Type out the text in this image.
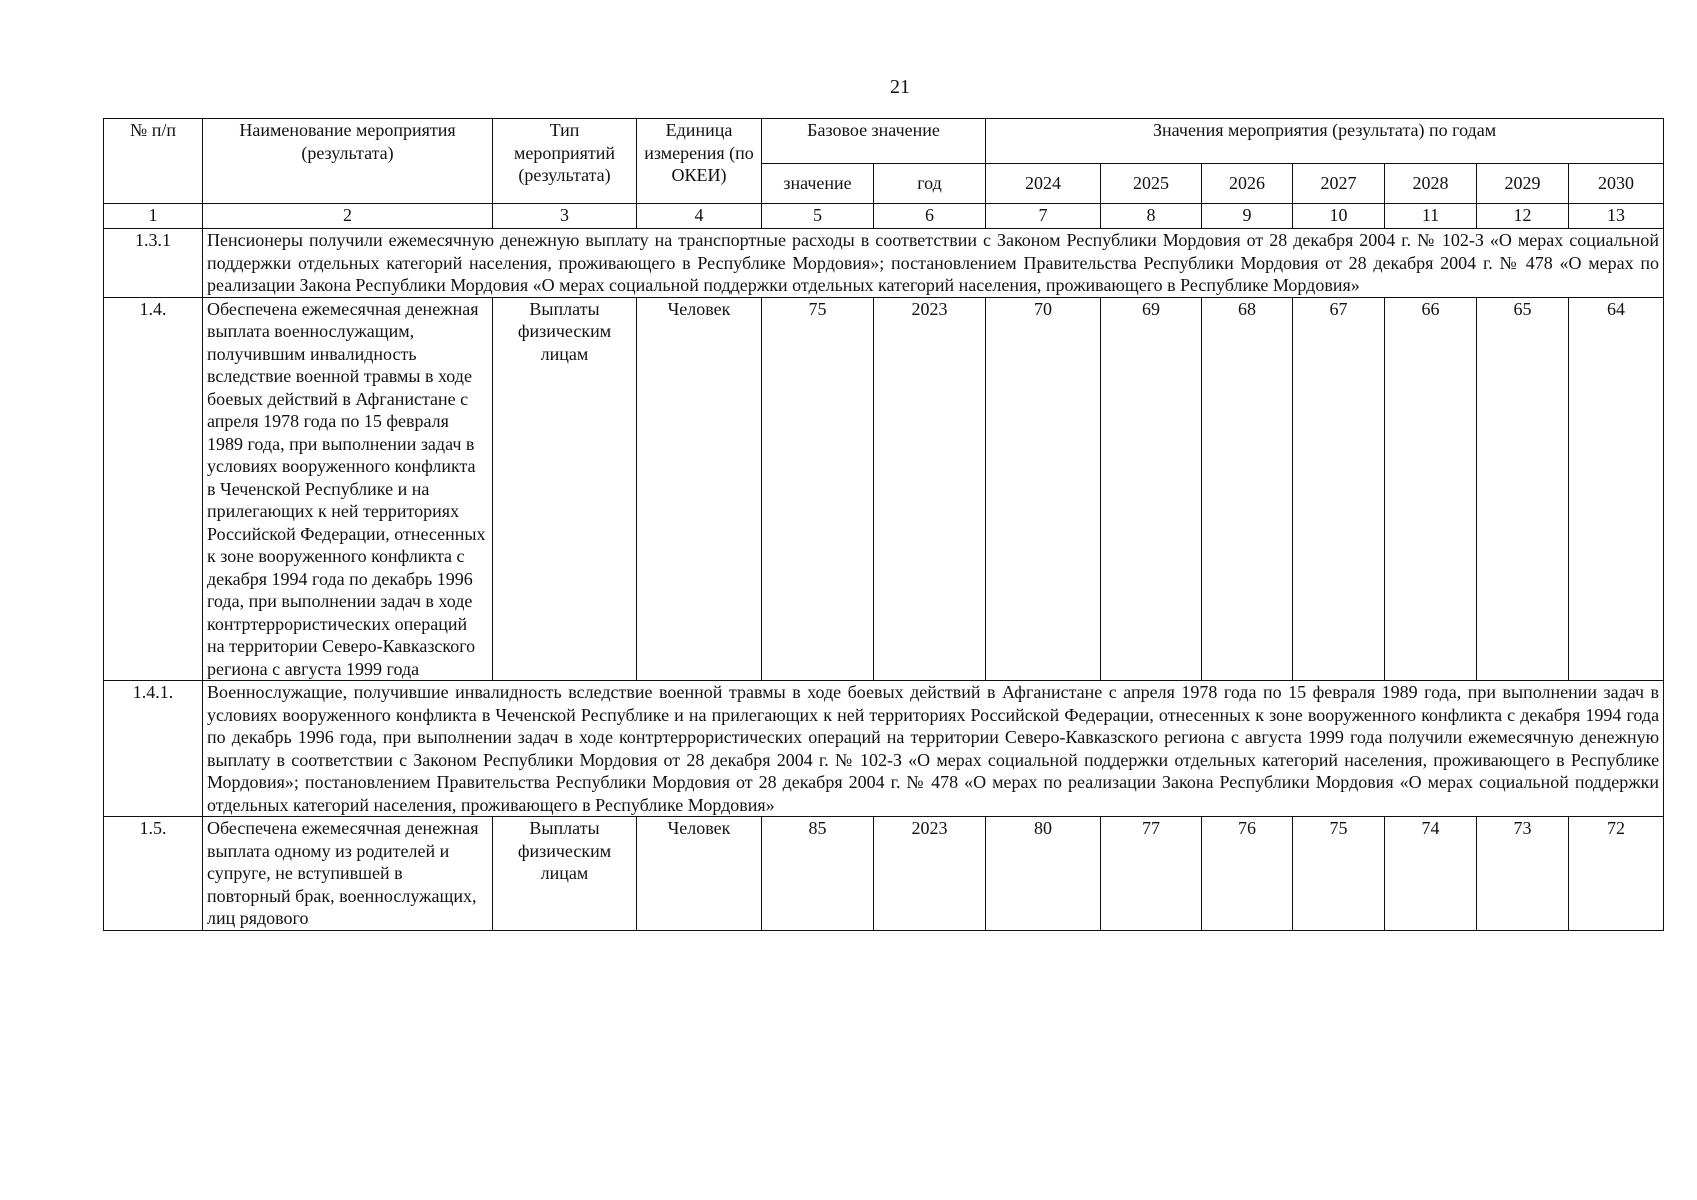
21
№ п/п	Наименование мероприятия (результата)	Тип мероприятий (результата)	Единица измерения (по ОКЕИ)	Базовое значение		Значения мероприятия (результата) по годам						
				значение	год	2024	2025	2026	2027	2028	2029	2030
1	2	3	4	5	6	7	8	9	10	11	12	13
1.3.1	Пенсионеры получили ежемесячную денежную выплату на транспортные расходы в соответствии с Законом Республики Мордовия от 28 декабря 2004 г. № 102-З «О мерах социальной поддержки отдельных категорий населения, проживающего в Республике Мордовия»; постановлением Правительства Республики Мордовия от 28 декабря 2004 г. № 478 «О мерах по реализации Закона Республики Мордовия «О мерах социальной поддержки отдельных категорий населения, проживающего в Республике Мордовия»											
1.4.	Обеспечена ежемесячная денежная выплата военнослужащим, получившим инвалидность вследствие военной травмы в ходе боевых действий в Афганистане с апреля 1978 года по 15 февраля 1989 года, при выполнении задач в условиях вооруженного конфликта в Чеченской Республике и на прилегающих к ней территориях Российской Федерации, отнесенных к зоне вооруженного конфликта с декабря 1994 года по декабрь 1996 года, при выполнении задач в ходе контртеррористических операций на территории Северо-Кавказского региона с августа 1999 года	Выплаты физическим лицам	Человек	75	2023	70	69	68	67	66	65	64
1.4.1.	Военнослужащие, получившие инвалидность вследствие военной травмы в ходе боевых действий в Афганистане с апреля 1978 года по 15 февраля 1989 года, при выполнении задач в условиях вооруженного конфликта в Чеченской Республике и на прилегающих к ней территориях Российской Федерации, отнесенных к зоне вооруженного конфликта с декабря 1994 года по декабрь 1996 года, при выполнении задач в ходе контртеррористических операций на территории Северо-Кавказского региона с августа 1999 года получили ежемесячную денежную выплату в соответствии с Законом Республики Мордовия от 28 декабря 2004 г. № 102-З «О мерах социальной поддержки отдельных категорий населения, проживающего в Республике Мордовия»; постановлением Правительства Республики Мордовия от 28 декабря 2004 г. № 478 «О мерах по реализации Закона Республики Мордовия «О мерах социальной поддержки отдельных категорий населения, проживающего в Республике Мордовия»											
1.5.	Обеспечена ежемесячная денежная выплата одному из родителей и супруге, не вступившей в повторный брак, военнослужащих, лиц рядового	Выплаты физическим лицам	Человек	85	2023	80	77	76	75	74	73	72
